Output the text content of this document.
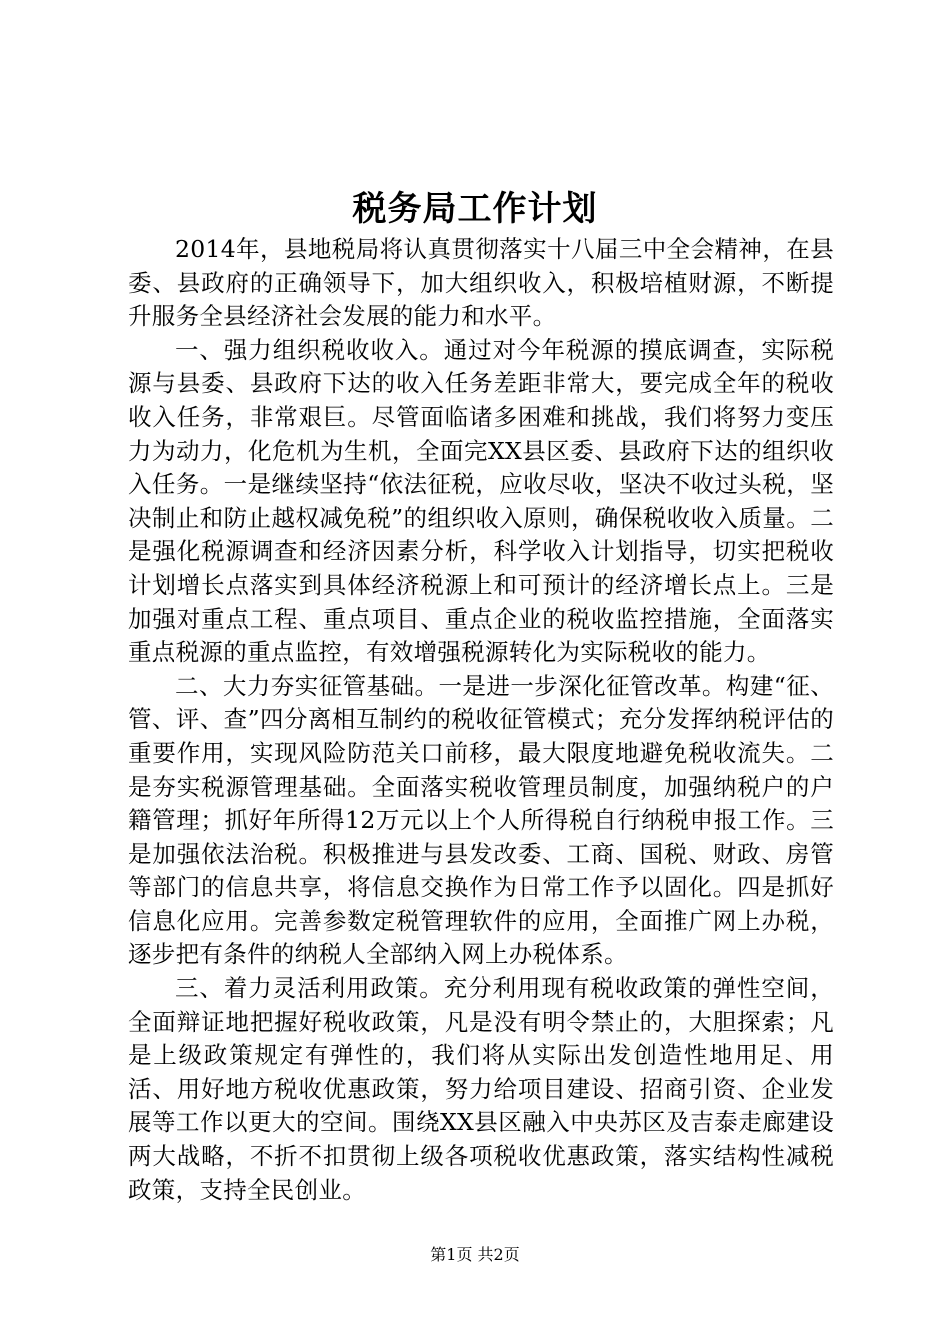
税务局工作计划

2014年，县地税局将认真贯彻落实十八届三中全会精神，在县委、县政府的正确领导下，加大组织收入，积极培植财源，不断提升服务全县经济社会发展的能力和水平。

一、强力组织税收收入。通过对今年税源的摸底调查，实际税源与县委、县政府下达的收入任务差距非常大，要完成全年的税收收入任务，非常艰巨。尽管面临诸多困难和挑战，我们将努力变压力为动力，化危机为生机，全面完XX县区委、县政府下达的组织收入任务。一是继续坚持“依法征税，应收尽收，坚决不收过头税，坚决制止和防止越权减免税”的组织收入原则，确保税收收入质量。二是强化税源调查和经济因素分析，科学收入计划指导，切实把税收计划增长点落实到具体经济税源上和可预计的经济增长点上。三是加强对重点工程、重点项目、重点企业的税收监控措施，全面落实重点税源的重点监控，有效增强税源转化为实际税收的能力。

二、大力夯实征管基础。一是进一步深化征管改革。构建“征、管、评、查”四分离相互制约的税收征管模式；充分发挥纳税评估的重要作用，实现风险防范关口前移，最大限度地避免税收流失。二是夯实税源管理基础。全面落实税收管理员制度，加强纳税户的户籍管理；抓好年所得12万元以上个人所得税自行纳税申报工作。三是加强依法治税。积极推进与县发改委、工商、国税、财政、房管等部门的信息共享，将信息交换作为日常工作予以固化。四是抓好信息化应用。完善参数定税管理软件的应用，全面推广网上办税，逐步把有条件的纳税人全部纳入网上办税体系。

三、着力灵活利用政策。充分利用现有税收政策的弹性空间，全面辩证地把握好税收政策，凡是没有明令禁止的，大胆探索；凡是上级政策规定有弹性的，我们将从实际出发创造性地用足、用活、用好地方税收优惠政策，努力给项目建设、招商引资、企业发展等工作以更大的空间。围绕XX县区融入中央苏区及吉泰走廊建设两大战略，不折不扣贯彻上级各项税收优惠政策，落实结构性减税政策，支持全民创业。

第1页 共2页
